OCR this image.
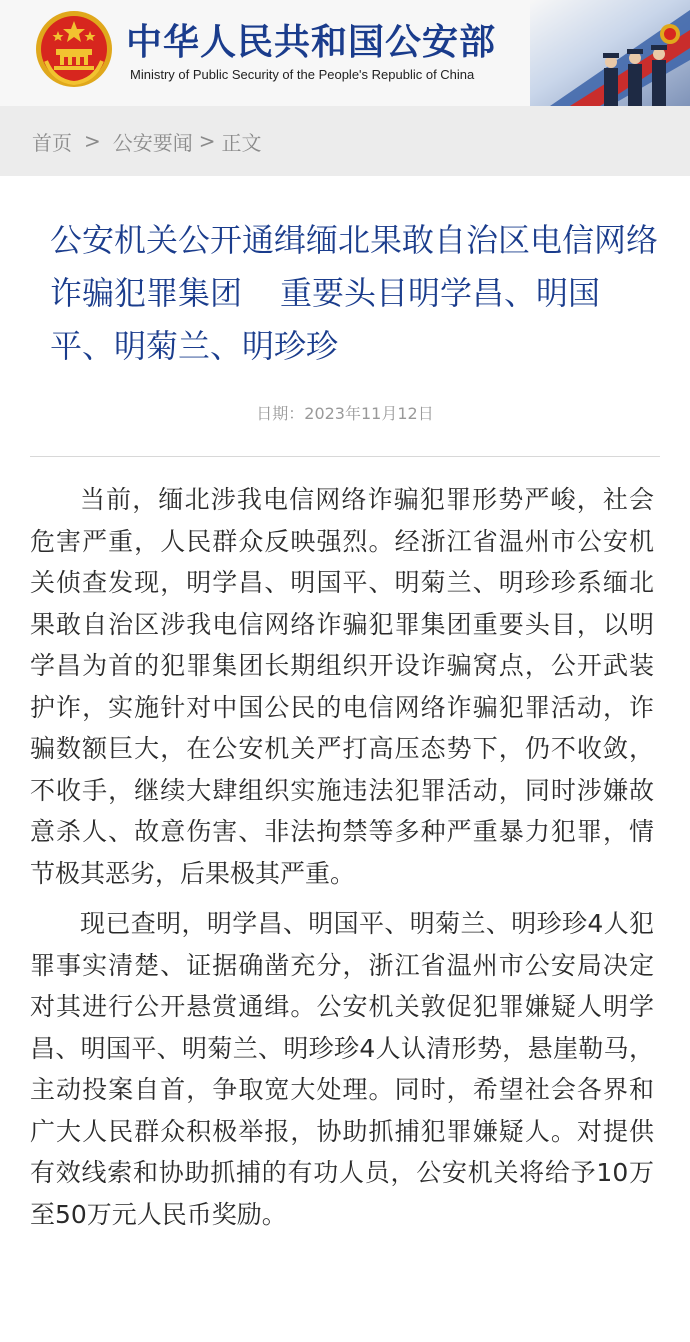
中华人民共和国公安部
Ministry of Public Security of the People's Republic of China
首页 > 公安要闻 > 正文
公安机关公开通缉缅北果敢自治区电信网络诈骗犯罪集团 重要头目明学昌、明国平、明菊兰、明珍珍
日期：2023年11月12日

当前，缅北涉我电信网络诈骗犯罪形势严峻，社会危害严重，人民群众反映强烈。经浙江省温州市公安机关侦查发现，明学昌、明国平、明菊兰、明珍珍系缅北果敢自治区涉我电信网络诈骗犯罪集团重要头目，以明学昌为首的犯罪集团长期组织开设诈骗窝点，公开武装护诈，实施针对中国公民的电信网络诈骗犯罪活动，诈骗数额巨大，在公安机关严打高压态势下，仍不收敛，不收手，继续大肆组织实施违法犯罪活动，同时涉嫌故意杀人、故意伤害、非法拘禁等多种严重暴力犯罪，情节极其恶劣，后果极其严重。

现已查明，明学昌、明国平、明菊兰、明珍珍4人犯罪事实清楚、证据确凿充分，浙江省温州市公安局决定对其进行公开悬赏通缉。公安机关敦促犯罪嫌疑人明学昌、明国平、明菊兰、明珍珍4人认清形势，悬崖勒马，主动投案自首，争取宽大处理。同时，希望社会各界和广大人民群众积极举报，协助抓捕犯罪嫌疑人。对提供有效线索和协助抓捕的有功人员，公安机关将给予10万至50万元人民币奖励。
